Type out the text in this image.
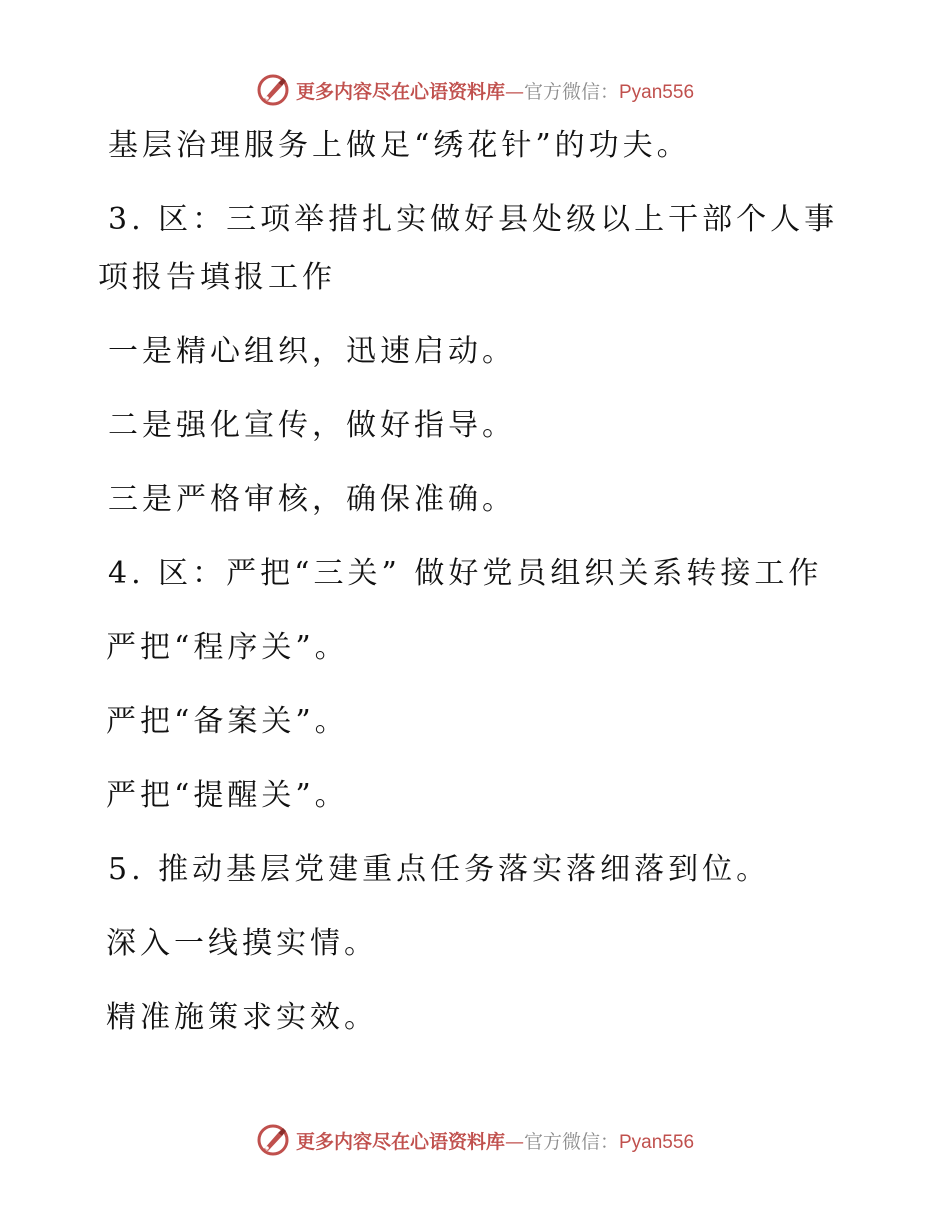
更多内容尽在心语资料库—官方微信：Pyan556
基层治理服务上做足“绣花针”的功夫。
3. 区：三项举措扎实做好县处级以上干部个人事
项报告填报工作
一是精心组织，迅速启动。
二是强化宣传，做好指导。
三是严格审核，确保准确。
4. 区：严把“三关” 做好党员组织关系转接工作
严把“程序关”。
严把“备案关”。
严把“提醒关”。
5. 推动基层党建重点任务落实落细落到位。
深入一线摸实情。
精准施策求实效。
更多内容尽在心语资料库—官方微信：Pyan556
